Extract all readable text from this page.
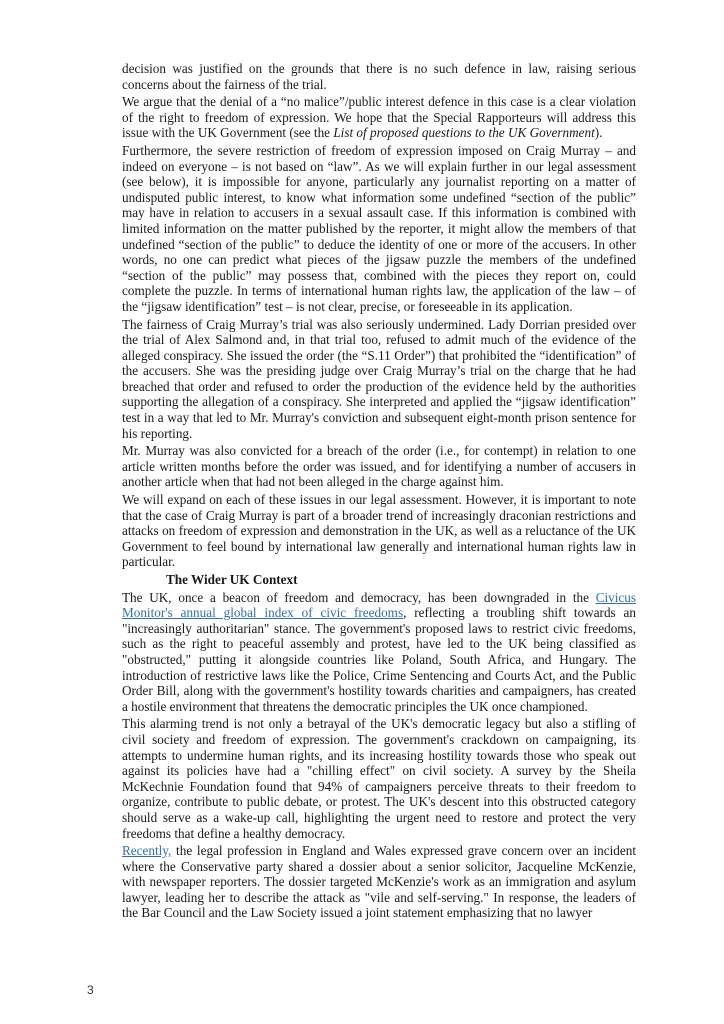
decision was justified on the grounds that there is no such defence in law, raising serious concerns about the fairness of the trial.

We argue that the denial of a “no malice”/public interest defence in this case is a clear violation of the right to freedom of expression. We hope that the Special Rapporteurs will address this issue with the UK Government (see the List of proposed questions to the UK Government).

Furthermore, the severe restriction of freedom of expression imposed on Craig Murray – and indeed on everyone – is not based on “law”. As we will explain further in our legal assessment (see below), it is impossible for anyone, particularly any journalist reporting on a matter of undisputed public interest, to know what information some undefined “section of the public” may have in relation to accusers in a sexual assault case. If this information is combined with limited information on the matter published by the reporter, it might allow the members of that undefined “section of the public” to deduce the identity of one or more of the accusers. In other words, no one can predict what pieces of the jigsaw puzzle the members of the undefined “section of the public” may possess that, combined with the pieces they report on, could complete the puzzle. In terms of international human rights law, the application of the law – of the “jigsaw identification” test – is not clear, precise, or foreseeable in its application.

The fairness of Craig Murray’s trial was also seriously undermined. Lady Dorrian presided over the trial of Alex Salmond and, in that trial too, refused to admit much of the evidence of the alleged conspiracy. She issued the order (the “S.11 Order”) that prohibited the “identification” of the accusers. She was the presiding judge over Craig Murray’s trial on the charge that he had breached that order and refused to order the production of the evidence held by the authorities supporting the allegation of a conspiracy. She interpreted and applied the “jigsaw identification” test in a way that led to Mr. Murray's conviction and subsequent eight-month prison sentence for his reporting.

Mr. Murray was also convicted for a breach of the order (i.e., for contempt) in relation to one article written months before the order was issued, and for identifying a number of accusers in another article when that had not been alleged in the charge against him.

We will expand on each of these issues in our legal assessment. However, it is important to note that the case of Craig Murray is part of a broader trend of increasingly draconian restrictions and attacks on freedom of expression and demonstration in the UK, as well as a reluctance of the UK Government to feel bound by international law generally and international human rights law in particular.

The Wider UK Context

The UK, once a beacon of freedom and democracy, has been downgraded in the Civicus Monitor's annual global index of civic freedoms, reflecting a troubling shift towards an "increasingly authoritarian" stance. The government's proposed laws to restrict civic freedoms, such as the right to peaceful assembly and protest, have led to the UK being classified as "obstructed," putting it alongside countries like Poland, South Africa, and Hungary. The introduction of restrictive laws like the Police, Crime Sentencing and Courts Act, and the Public Order Bill, along with the government's hostility towards charities and campaigners, has created a hostile environment that threatens the democratic principles the UK once championed.

This alarming trend is not only a betrayal of the UK's democratic legacy but also a stifling of civil society and freedom of expression. The government's crackdown on campaigning, its attempts to undermine human rights, and its increasing hostility towards those who speak out against its policies have had a "chilling effect" on civil society. A survey by the Sheila McKechnie Foundation found that 94% of campaigners perceive threats to their freedom to organize, contribute to public debate, or protest. The UK's descent into this obstructed category should serve as a wake-up call, highlighting the urgent need to restore and protect the very freedoms that define a healthy democracy.

Recently, the legal profession in England and Wales expressed grave concern over an incident where the Conservative party shared a dossier about a senior solicitor, Jacqueline McKenzie, with newspaper reporters. The dossier targeted McKenzie's work as an immigration and asylum lawyer, leading her to describe the attack as "vile and self-serving." In response, the leaders of the Bar Council and the Law Society issued a joint statement emphasizing that no lawyer

3
